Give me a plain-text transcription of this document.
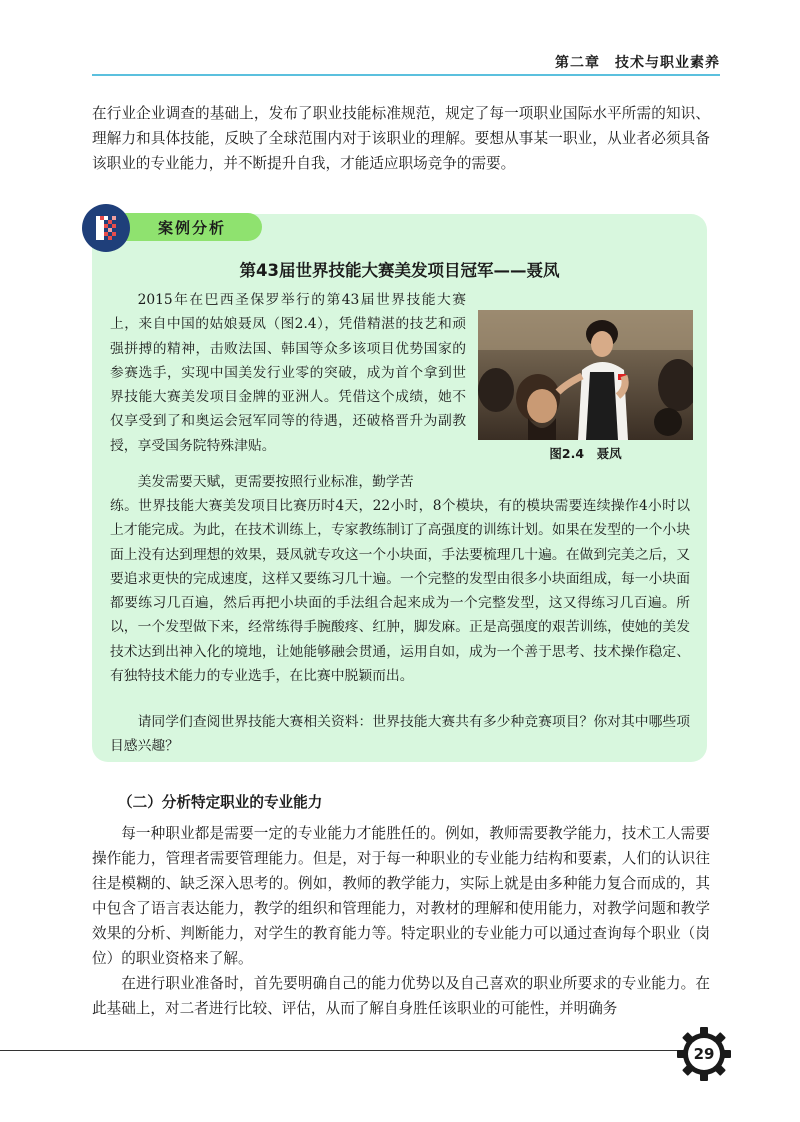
第二章　技术与职业素养

在行业企业调查的基础上，发布了职业技能标准规范，规定了每一项职业国际水平所需的知识、理解力和具体技能，反映了全球范围内对于该职业的理解。要想从事某一职业，从业者必须具备该职业的专业能力，并不断提升自我，才能适应职场竞争的需要。

案例分析
第43届世界技能大赛美发项目冠军——聂凤

2015年在巴西圣保罗举行的第43届世界技能大赛上，来自中国的姑娘聂凤（图2.4），凭借精湛的技艺和顽强拼搏的精神，击败法国、韩国等众多该项目优势国家的参赛选手，实现中国美发行业零的突破，成为首个拿到世界技能大赛美发项目金牌的亚洲人。凭借这个成绩，她不仅享受到了和奥运会冠军同等的待遇，还破格晋升为副教授，享受国务院特殊津贴。	图2.4　聂凤

美发需要天赋，更需要按照行业标准，勤学苦

练。世界技能大赛美发项目比赛历时4天，22小时，8个模块，有的模块需要连续操作4小时以上才能完成。为此，在技术训练上，专家教练制订了高强度的训练计划。如果在发型的一个小块面上没有达到理想的效果，聂凤就专攻这一个小块面，手法要梳理几十遍。在做到完美之后，又要追求更快的完成速度，这样又要练习几十遍。一个完整的发型由很多小块面组成，每一小块面都要练习几百遍，然后再把小块面的手法组合起来成为一个完整发型，这又得练习几百遍。所以，一个发型做下来，经常练得手腕酸疼、红肿，脚发麻。正是高强度的艰苦训练，使她的美发技术达到出神入化的境地，让她能够融会贯通，运用自如，成为一个善于思考、技术操作稳定、有独特技术能力的专业选手，在比赛中脱颖而出。

请同学们查阅世界技能大赛相关资料：世界技能大赛共有多少种竞赛项目？你对其中哪些项目感兴趣？

（二）分析特定职业的专业能力

每一种职业都是需要一定的专业能力才能胜任的。例如，教师需要教学能力，技术工人需要操作能力，管理者需要管理能力。但是，对于每一种职业的专业能力结构和要素，人们的认识往往是模糊的、缺乏深入思考的。例如，教师的教学能力，实际上就是由多种能力复合而成的，其中包含了语言表达能力，教学的组织和管理能力，对教材的理解和使用能力，对教学问题和教学效果的分析、判断能力，对学生的教育能力等。特定职业的专业能力可以通过查询每个职业（岗位）的职业资格来了解。

在进行职业准备时，首先要明确自己的能力优势以及自己喜欢的职业所要求的专业能力。在此基础上，对二者进行比较、评估，从而了解自身胜任该职业的可能性，并明确务

29
